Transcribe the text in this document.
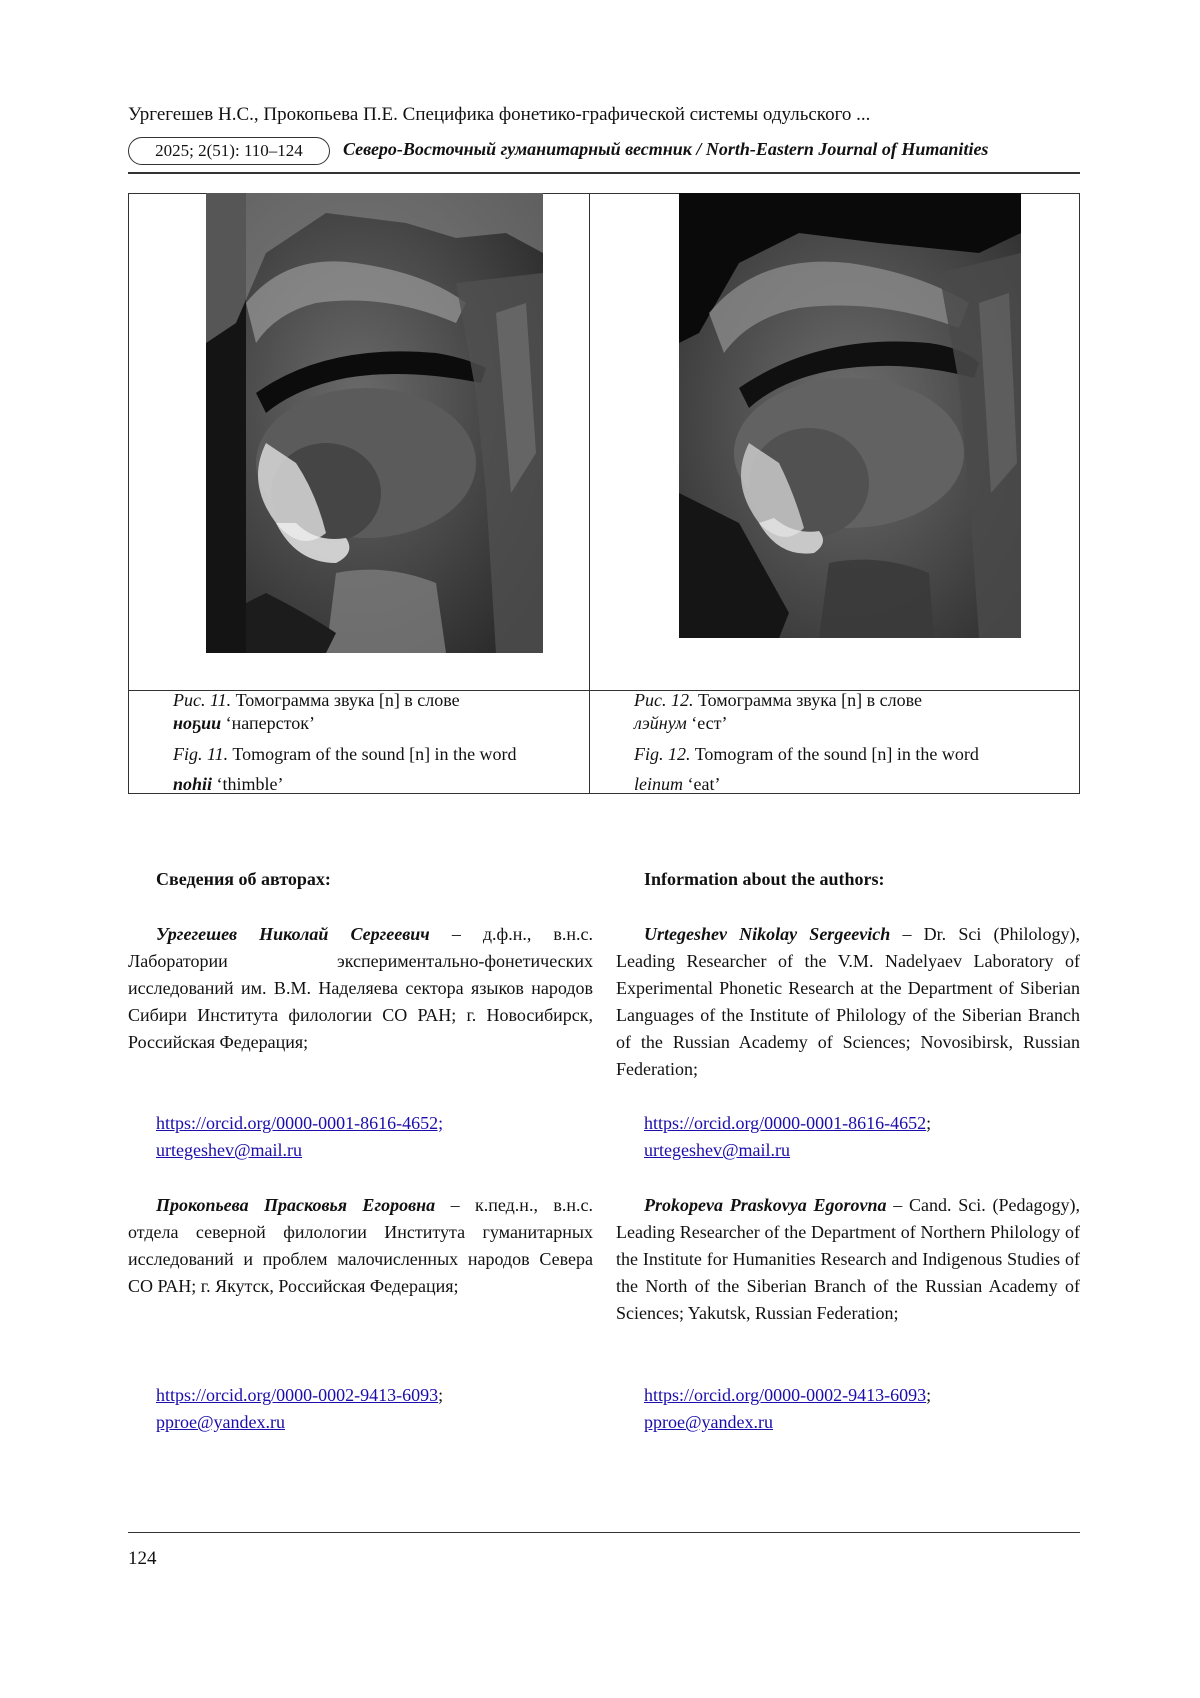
Ургегешев Н.С., Прокопьева П.Е. Специфика фонетико-графической системы одульского ...
2025; 2(51): 110–124	Северо-Восточный гуманитарный вестник / North-Eastern Journal of Humanities
Рис. 11. Томограмма звука [n] в слове
ноҕии ‘наперсток’
Fig. 11. Tomogram of the sound [n] in the word
nohii ‘thimble’
Рис. 12. Томограмма звука [n] в слове
лэйнум ‘ест’
Fig. 12. Tomogram of the sound [n] in the word
leinum ‘eat’
Сведения об авторах:
Ургегешев Николай Сергеевич – д.ф.н., в.н.с. Лаборатории экспериментально-фонетических исследований им. В.М. Наделяева сектора языков народов Сибири Института филологии СО РАН; г. Новосибирск, Российская Федерация;
https://orcid.org/0000-0001-8616-4652;
urtegeshev@mail.ru
Прокопьева Прасковья Егоровна – к.пед.н., в.н.с. отдела северной филологии Института гуманитарных исследований и проблем малочисленных народов Севера СО РАН; г. Якутск, Российская Федерация;
https://orcid.org/0000-0002-9413-6093;
pproe@yandex.ru
Information about the authors:
Urtegeshev Nikolay Sergeevich – Dr. Sci (Philology), Leading Researcher of the V.M. Nadelyaev Laboratory of Experimental Phonetic Research at the Department of Siberian Languages of the Institute of Philology of the Siberian Branch of the Russian Academy of Sciences; Novosibirsk, Russian Federation;
https://orcid.org/0000-0001-8616-4652;
urtegeshev@mail.ru
Prokopeva Praskovya Egorovna – Cand. Sci. (Pedagogy), Leading Researcher of the Department of Northern Philology of the Institute for Humanities Research and Indigenous Studies of the North of the Siberian Branch of the Russian Academy of Sciences; Yakutsk, Russian Federation;
https://orcid.org/0000-0002-9413-6093;
pproe@yandex.ru
124
